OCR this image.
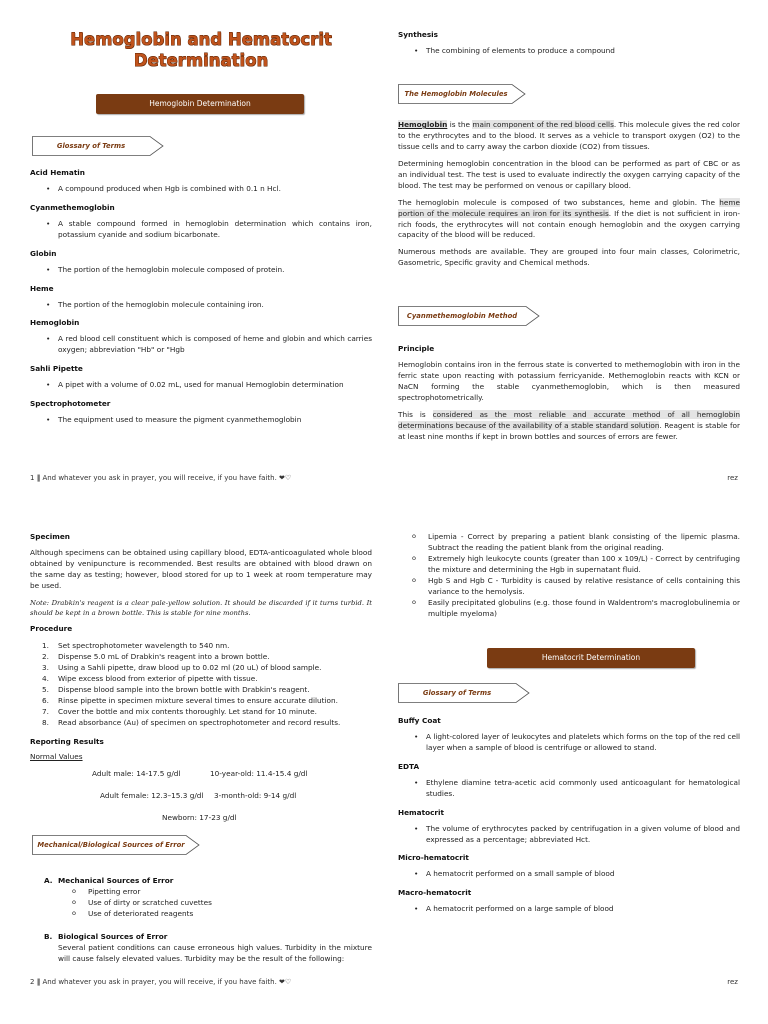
Hemoglobin and Hematocrit
Determination
Hemoglobin Determination
Glossary of Terms
Acid Hematin
• A compound produced when Hgb is combined with 0.1 n Hcl.
Cyanmethemoglobin
• A stable compound formed in hemoglobin determination which contains iron, potassium cyanide and sodium bicarbonate.
Globin
• The portion of the hemoglobin molecule composed of protein.
Heme
• The portion of the hemoglobin molecule containing iron.
Hemoglobin
• A red blood cell constituent which is composed of heme and globin and which carries oxygen; abbreviation "Hb" or "Hgb
Sahli Pipette
• A pipet with a volume of 0.02 mL, used for manual Hemoglobin determination
Spectrophotometer
• The equipment used to measure the pigment cyanmethemoglobin
Synthesis
• The combining of elements to produce a compound
The Hemoglobin Molecules

Hemoglobin is the main component of the red blood cells. This molecule gives the red color to the erythrocytes and to the blood. It serves as a vehicle to transport oxygen (O2) to the tissue cells and to carry away the carbon dioxide (CO2) from tissues.

Determining hemoglobin concentration in the blood can be performed as part of CBC or as an individual test. The test is used to evaluate indirectly the oxygen carrying capacity of the blood. The test may be performed on venous or capillary blood.

The hemoglobin molecule is composed of two substances, heme and globin. The heme portion of the molecule requires an iron for its synthesis. If the diet is not sufficient in iron-rich foods, the erythrocytes will not contain enough hemoglobin and the oxygen carrying capacity of the blood will be reduced.

Numerous methods are available. They are grouped into four main classes, Colorimetric, Gasometric, Specific gravity and Chemical methods.

Cyanmethemoglobin Method
Principle

Hemoglobin contains iron in the ferrous state is converted to methemoglobin with iron in the ferric state upon reacting with potassium ferricyanide. Methemoglobin reacts with KCN or NaCN forming the stable cyanmethemoglobin, which is then measured spectrophotometrically.

This is considered as the most reliable and accurate method of all hemoglobin determinations because of the availability of a stable standard solution. Reagent is stable for at least nine months if kept in brown bottles and sources of errors are fewer.

1 ‖ And whatever you ask in prayer, you will receive, if you have faith. ❤♡	rez
Specimen

Although specimens can be obtained using capillary blood, EDTA-anticoagulated whole blood obtained by venipuncture is recommended. Best results are obtained with blood drawn on the same day as testing; however, blood stored for up to 1 week at room temperature may be used.

Note: Drabkin's reagent is a clear pale-yellow solution. It should be discarded if it turns turbid. It should be kept in a brown bottle. This is stable for nine months.

Procedure
1. Set spectrophotometer wavelength to 540 nm.
2. Dispense 5.0 mL of Drabkin's reagent into a brown bottle.
3. Using a Sahli pipette, draw blood up to 0.02 ml (20 uL) of blood sample.
4. Wipe excess blood from exterior of pipette with tissue.
5. Dispense blood sample into the brown bottle with Drabkin's reagent.
6. Rinse pipette in specimen mixture several times to ensure accurate dilution.
7. Cover the bottle and mix contents thoroughly. Let stand for 10 minute.
8. Read absorbance (Au) of specimen on spectrophotometer and record results.
Reporting Results
Normal Values
Adult male: 14-17.5 g/dl	10-year-old: 11.4-15.4 g/dl
Adult female: 12.3–15.3 g/dl 3-month-old: 9-14 g/dl
Newborn: 17-23 g/dl
Mechanical/Biological Sources of Error
A. Mechanical Sources of Error
o Pipetting error
o Use of dirty or scratched cuvettes
o Use of deteriorated reagents
B. Biological Sources of Error

Several patient conditions can cause erroneous high values. Turbidity in the mixture will cause falsely elevated values. Turbidity may be the result of the following:

o Lipemia - Correct by preparing a patient blank consisting of the lipemic plasma. Subtract the reading the patient blank from the original reading.
o Extremely high leukocyte counts (greater than 100 x 109/L) - Correct by centrifuging the mixture and determining the Hgb in supernatant fluid.
o Hgb S and Hgb C - Turbidity is caused by relative resistance of cells containing this variance to the hemolysis.
o Easily precipitated globulins (e.g. those found in Waldentrom's macroglobulinemia or multiple myeloma)
Hematocrit Determination
Glossary of Terms
Buffy Coat
• A light-colored layer of leukocytes and platelets which forms on the top of the red cell layer when a sample of blood is centrifuge or allowed to stand.
EDTA
• Ethylene diamine tetra-acetic acid commonly used anticoagulant for hematological studies.
Hematocrit
• The volume of erythrocytes packed by centrifugation in a given volume of blood and expressed as a percentage; abbreviated Hct.
Micro-hematocrit
• A hematocrit performed on a small sample of blood
Macro-hematocrit
• A hematocrit performed on a large sample of blood
2 ‖ And whatever you ask in prayer, you will receive, if you have faith. ❤♡	rez
